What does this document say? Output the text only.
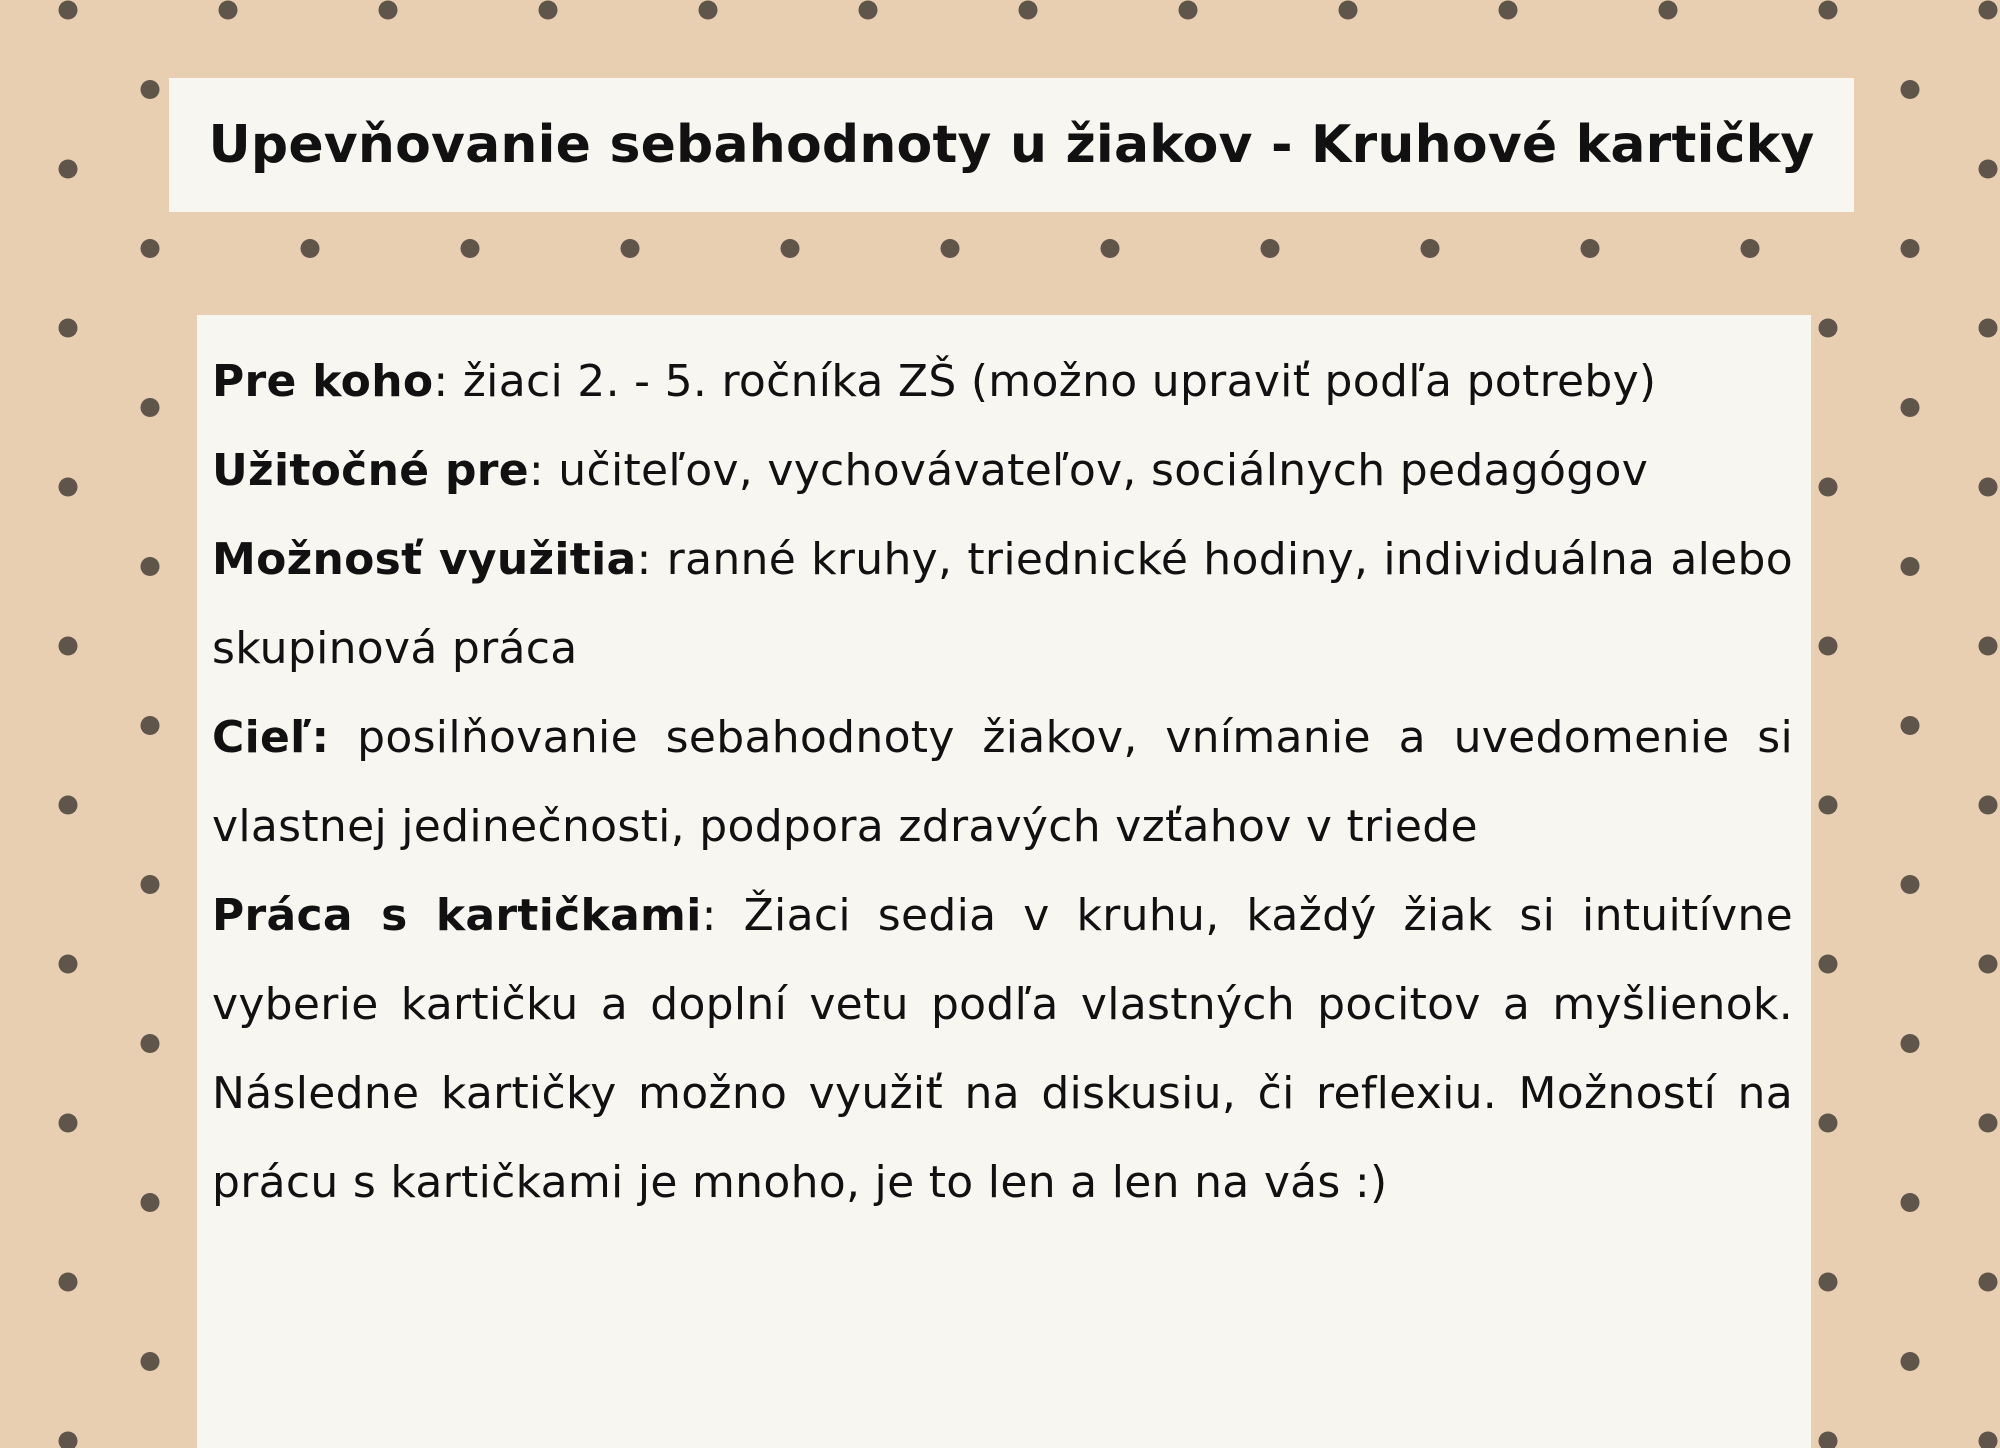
Upevňovanie sebahodnoty u žiakov - Kruhové kartičky

Pre koho: žiaci 2. - 5. ročníka ZŠ (možno upraviť podľa potreby)

Užitočné pre: učiteľov, vychovávateľov, sociálnych pedagógov

Možnosť využitia: ranné kruhy, triednické hodiny, individuálna alebo skupinová práca

Cieľ: posilňovanie sebahodnoty žiakov, vnímanie a uvedomenie si vlastnej jedinečnosti, podpora zdravých vzťahov v triede

Práca s kartičkami: Žiaci sedia v kruhu, každý žiak si intuitívne vyberie kartičku a doplní vetu podľa vlastných pocitov a myšlienok. Následne kartičky možno využiť na diskusiu, či reflexiu. Možností na prácu s kartičkami je mnoho, je to len a len na vás :)
